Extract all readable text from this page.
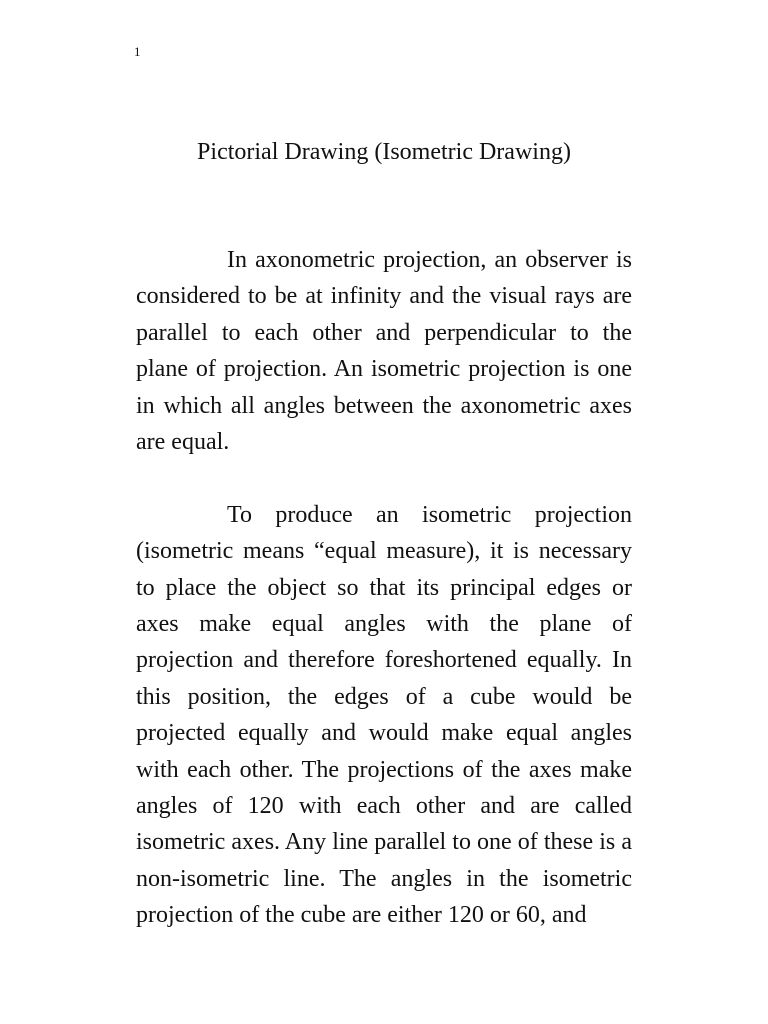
1
Pictorial Drawing (Isometric Drawing)

In axonometric projection, an observer is considered to be at infinity and the visual rays are parallel to each other and perpendicular to the plane of projection. An isometric projection is one in which all angles between the axonometric axes are equal.

To produce an isometric projection (isometric means “equal measure), it is necessary to place the object so that its principal edges or axes make equal angles with the plane of projection and therefore foreshortened equally. In this position, the edges of a cube would be projected equally and would make equal angles with each other. The projections of the axes make angles of 120 with each other and are called isometric axes. Any line parallel to one of these is a non-isometric line. The angles in the isometric projection of the cube are either 120 or 60, and
